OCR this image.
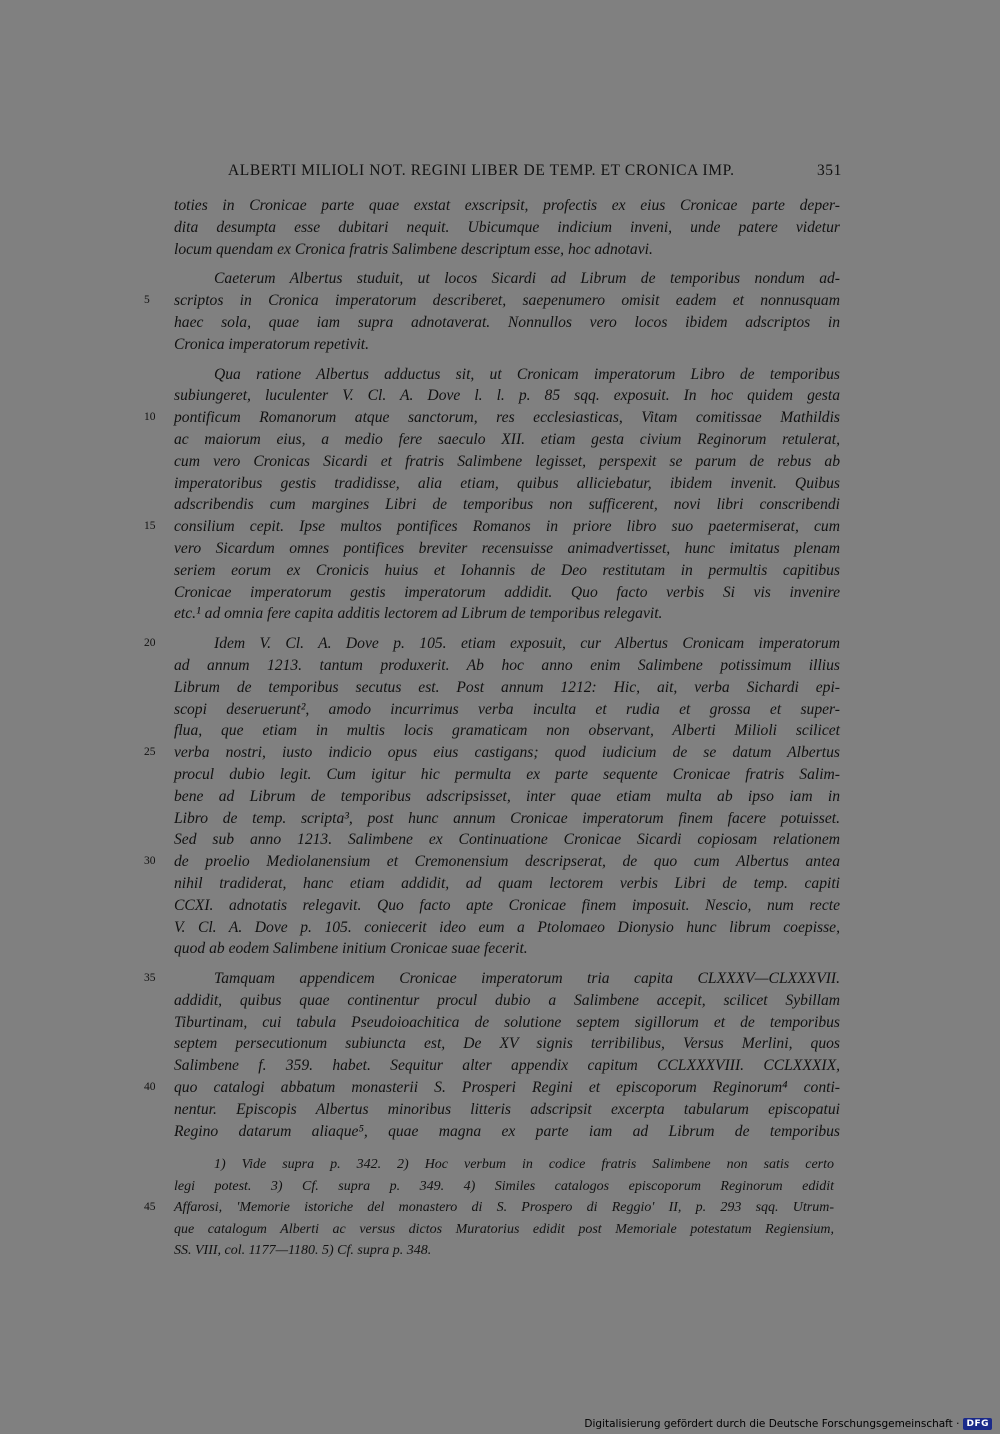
ALBERTI MILIOLI NOT. REGINI LIBER DE TEMP. ET CRONICA IMP.	351
toties in Cronicae parte quae exstat exscripsit, profectis ex eius Cronicae parte deper-
dita desumpta esse dubitari nequit. Ubicumque indicium inveni, unde patere videtur
locum quendam ex Cronica fratris Salimbene descriptum esse, hoc adnotavi.
Caeterum Albertus studuit, ut locos Sicardi ad Librum de temporibus nondum ad-
scriptos in Cronica imperatorum describeret, saepenumero omisit eadem et nonnusquam
5
haec sola, quae iam supra adnotaverat. Nonnullos vero locos ibidem adscriptos in
Cronica imperatorum repetivit.
Qua ratione Albertus adductus sit, ut Cronicam imperatorum Libro de temporibus
subiungeret, luculenter V. Cl. A. Dove l. l. p. 85 sqq. exposuit. In hoc quidem gesta
pontificum Romanorum atque sanctorum, res ecclesiasticas, Vitam comitissae Mathildis
10
ac maiorum eius, a medio fere saeculo XII. etiam gesta civium Reginorum retulerat,
cum vero Cronicas Sicardi et fratris Salimbene legisset, perspexit se parum de rebus ab
imperatoribus gestis tradidisse, alia etiam, quibus alliciebatur, ibidem invenit. Quibus
adscribendis cum margines Libri de temporibus non sufficerent, novi libri conscribendi
consilium cepit. Ipse multos pontifices Romanos in priore libro suo paetermiserat, cum
15
vero Sicardum omnes pontifices breviter recensuisse animadvertisset, hunc imitatus plenam
seriem eorum ex Cronicis huius et Iohannis de Deo restitutam in permultis capitibus
Cronicae imperatorum gestis imperatorum addidit. Quo facto verbis Si vis invenire
etc.¹ ad omnia fere capita additis lectorem ad Librum de temporibus relegavit.
Idem V. Cl. A. Dove p. 105. etiam exposuit, cur Albertus Cronicam imperatorum
20
ad annum 1213. tantum produxerit. Ab hoc anno enim Salimbene potissimum illius
Librum de temporibus secutus est. Post annum 1212: Hic, ait, verba Sichardi epi-
scopi deseruerunt², amodo incurrimus verba inculta et rudia et grossa et super-
flua, que etiam in multis locis gramaticam non observant, Alberti Milioli scilicet
verba nostri, iusto indicio opus eius castigans; quod iudicium de se datum Albertus
25
procul dubio legit. Cum igitur hic permulta ex parte sequente Cronicae fratris Salim-
bene ad Librum de temporibus adscripsisset, inter quae etiam multa ab ipso iam in
Libro de temp. scripta³, post hunc annum Cronicae imperatorum finem facere potuisset.
Sed sub anno 1213. Salimbene ex Continuatione Cronicae Sicardi copiosam relationem
de proelio Mediolanensium et Cremonensium descripserat, de quo cum Albertus antea
30
nihil tradiderat, hanc etiam addidit, ad quam lectorem verbis Libri de temp. capiti
CCXI. adnotatis relegavit. Quo facto apte Cronicae finem imposuit. Nescio, num recte
V. Cl. A. Dove p. 105. coniecerit ideo eum a Ptolomaeo Dionysio hunc librum coepisse,
quod ab eodem Salimbene initium Cronicae suae fecerit.
Tamquam appendicem Cronicae imperatorum tria capita CLXXXV—CLXXXVII.
35
addidit, quibus quae continentur procul dubio a Salimbene accepit, scilicet Sybillam
Tiburtinam, cui tabula Pseudoioachitica de solutione septem sigillorum et de temporibus
septem persecutionum subiuncta est, De XV signis terribilibus, Versus Merlini, quos
Salimbene f. 359. habet. Sequitur alter appendix capitum CCLXXXVIII. CCLXXXIX,
quo catalogi abbatum monasterii S. Prosperi Regini et episcoporum Reginorum⁴ conti-
40
nentur. Episcopis Albertus minoribus litteris adscripsit excerpta tabularum episcopatui
Regino datarum aliaque⁵, quae magna ex parte iam ad Librum de temporibus
1) Vide supra p. 342. 2) Hoc verbum in codice fratris Salimbene non satis certo
legi potest. 3) Cf. supra p. 349. 4) Similes catalogos episcoporum Reginorum edidit
Affarosi, 'Memorie istoriche del monastero di S. Prospero di Reggio' II, p. 293 sqq. Utrum-
45
que catalogum Alberti ac versus dictos Muratorius edidit post Memoriale potestatum Regiensium,
SS. VIII, col. 1177—1180. 5) Cf. supra p. 348.
Digitalisierung gefördert durch die Deutsche Forschungsgemeinschaft · DFG
